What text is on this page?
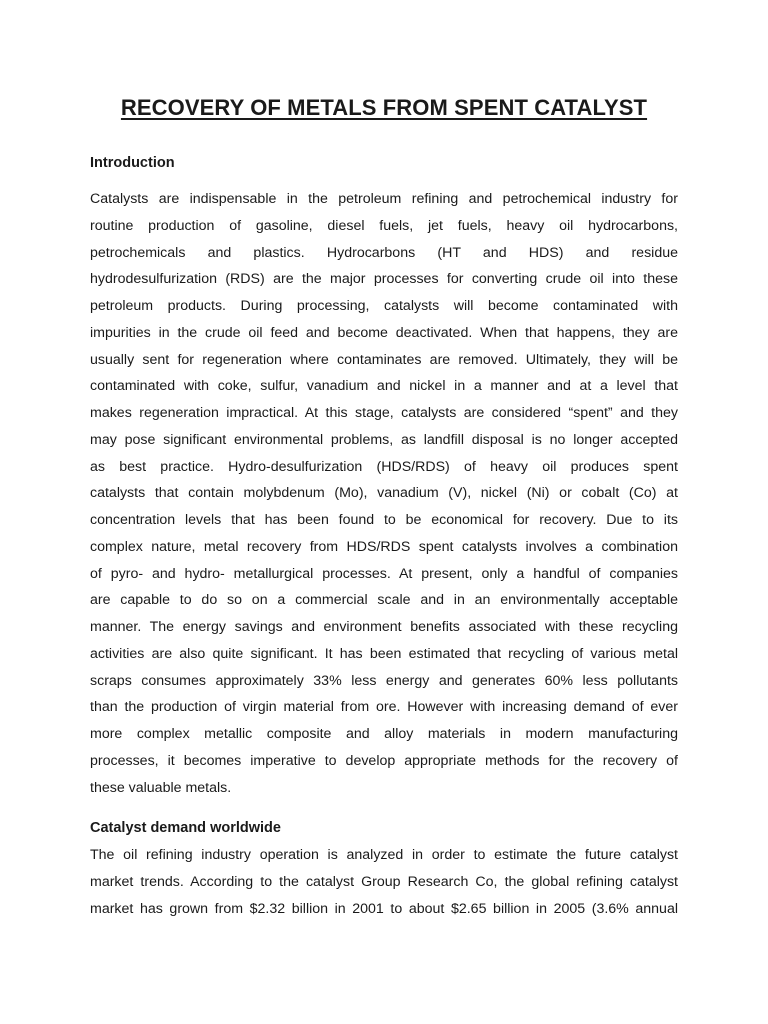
RECOVERY OF METALS FROM SPENT CATALYST
Introduction

Catalysts are indispensable in the petroleum refining and petrochemical industry for
routine production of gasoline, diesel fuels, jet fuels, heavy oil hydrocarbons,
petrochemicals and plastics. Hydrocarbons (HT and HDS) and residue
hydrodesulfurization (RDS) are the major processes for converting crude oil into these
petroleum products. During processing, catalysts will become contaminated with
impurities in the crude oil feed and become deactivated. When that happens, they are
usually sent for regeneration where contaminates are removed. Ultimately, they will be
contaminated with coke, sulfur, vanadium and nickel in a manner and at a level that
makes regeneration impractical. At this stage, catalysts are considered “spent” and they
may pose significant environmental problems, as landfill disposal is no longer accepted
as best practice. Hydro-desulfurization (HDS/RDS) of heavy oil produces spent
catalysts that contain molybdenum (Mo), vanadium (V), nickel (Ni) or cobalt (Co) at
concentration levels that has been found to be economical for recovery. Due to its
complex nature, metal recovery from HDS/RDS spent catalysts involves a combination
of pyro- and hydro- metallurgical processes. At present, only a handful of companies
are capable to do so on a commercial scale and in an environmentally acceptable
manner. The energy savings and environment benefits associated with these recycling
activities are also quite significant. It has been estimated that recycling of various metal
scraps consumes approximately 33% less energy and generates 60% less pollutants
than the production of virgin material from ore. However with increasing demand of ever
more complex metallic composite and alloy materials in modern manufacturing
processes, it becomes imperative to develop appropriate methods for the recovery of
these valuable metals.

Catalyst demand worldwide

The oil refining industry operation is analyzed in order to estimate the future catalyst
market trends. According to the catalyst Group Research Co, the global refining catalyst
market has grown from $2.32 billion in 2001 to about $2.65 billion in 2005 (3.6% annual
